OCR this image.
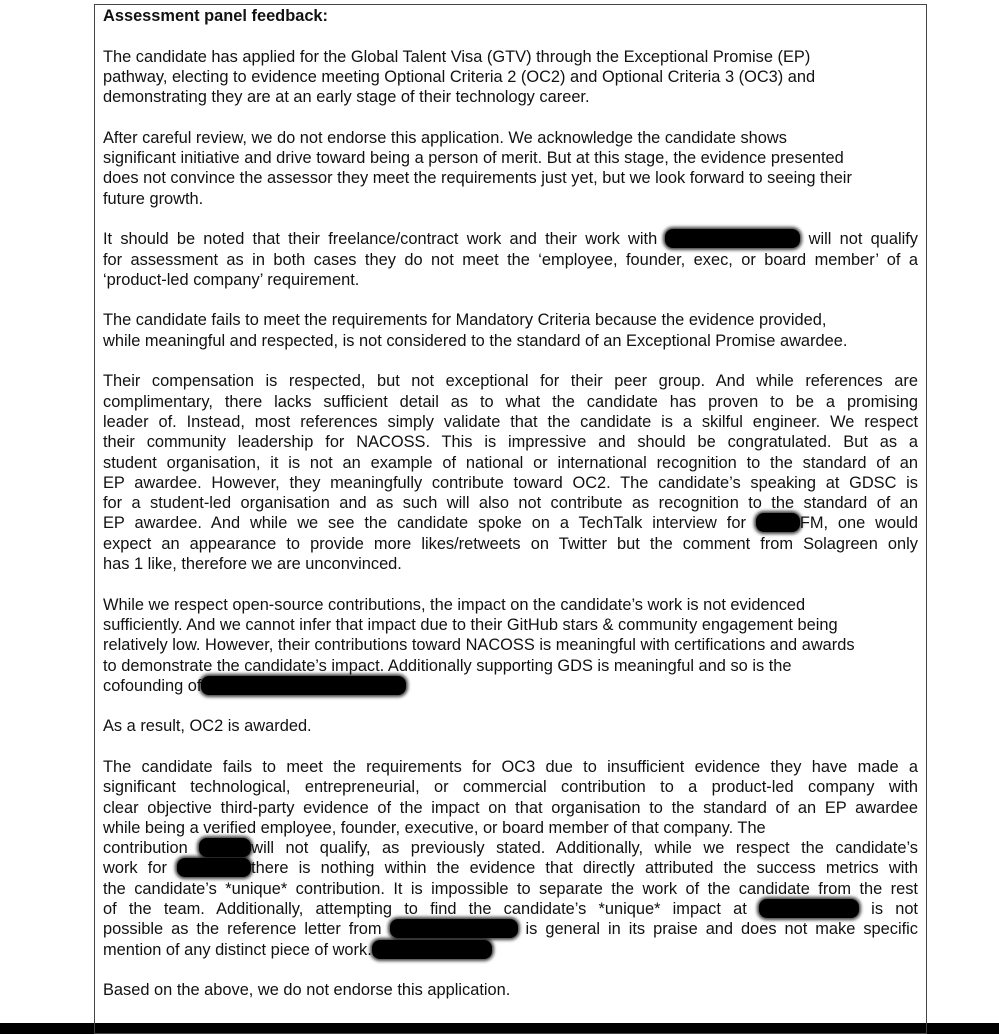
Assessment panel feedback:
The candidate has applied for the Global Talent Visa (GTV) through the Exceptional Promise (EP)
pathway, electing to evidence meeting Optional Criteria 2 (OC2) and Optional Criteria 3 (OC3) and
demonstrating they are at an early stage of their technology career.
After careful review, we do not endorse this application. We acknowledge the candidate shows
significant initiative and drive toward being a person of merit. But at this stage, the evidence presented
does not convince the assessor they meet the requirements just yet, but we look forward to seeing their
future growth.
It should be noted that their freelance/contract work and their work with	will not qualify
for assessment as in both cases they do not meet the ‘employee, founder, exec, or board member’ of a
‘product-led company’ requirement.
The candidate fails to meet the requirements for Mandatory Criteria because the evidence provided,
while meaningful and respected, is not considered to the standard of an Exceptional Promise awardee.
Their compensation is respected, but not exceptional for their peer group. And while references are
complimentary, there lacks sufficient detail as to what the candidate has proven to be a promising
leader of. Instead, most references simply validate that the candidate is a skilful engineer. We respect
their community leadership for NACOSS. This is impressive and should be congratulated. But as a
student organisation, it is not an example of national or international recognition to the standard of an
EP awardee. However, they meaningfully contribute toward OC2. The candidate’s speaking at GDSC is
for a student-led organisation and as such will also not contribute as recognition to the standard of an
EP awardee. And while we see the candidate spoke on a TechTalk interview for	FM, one would
expect an appearance to provide more likes/retweets on Twitter but the comment from Solagreen only
has 1 like, therefore we are unconvinced.
While we respect open-source contributions, the impact on the candidate’s work is not evidenced
sufficiently. And we cannot infer that impact due to their GitHub stars & community engagement being
relatively low. However, their contributions toward NACOSS is meaningful with certifications and awards
to demonstrate the candidate’s impact. Additionally supporting GDS is meaningful and so is the
cofounding of
As a result, OC2 is awarded.
The candidate fails to meet the requirements for OC3 due to insufficient evidence they have made a
significant technological, entrepreneurial, or commercial contribution to a product-led company with
clear objective third-party evidence of the impact on that organisation to the standard of an EP awardee
while being a verified employee, founder, executive, or board member of that company. The
contribution	will not qualify, as previously stated. Additionally, while we respect the candidate’s
work for	there is nothing within the evidence that directly attributed the success metrics with
the candidate’s *unique* contribution. It is impossible to separate the work of the candidate from the rest
of the team. Additionally, attempting to find the candidate’s *unique* impact at	is not
possible as the reference letter from	is general in its praise and does not make specific
mention of any distinct piece of work.
Based on the above, we do not endorse this application.
